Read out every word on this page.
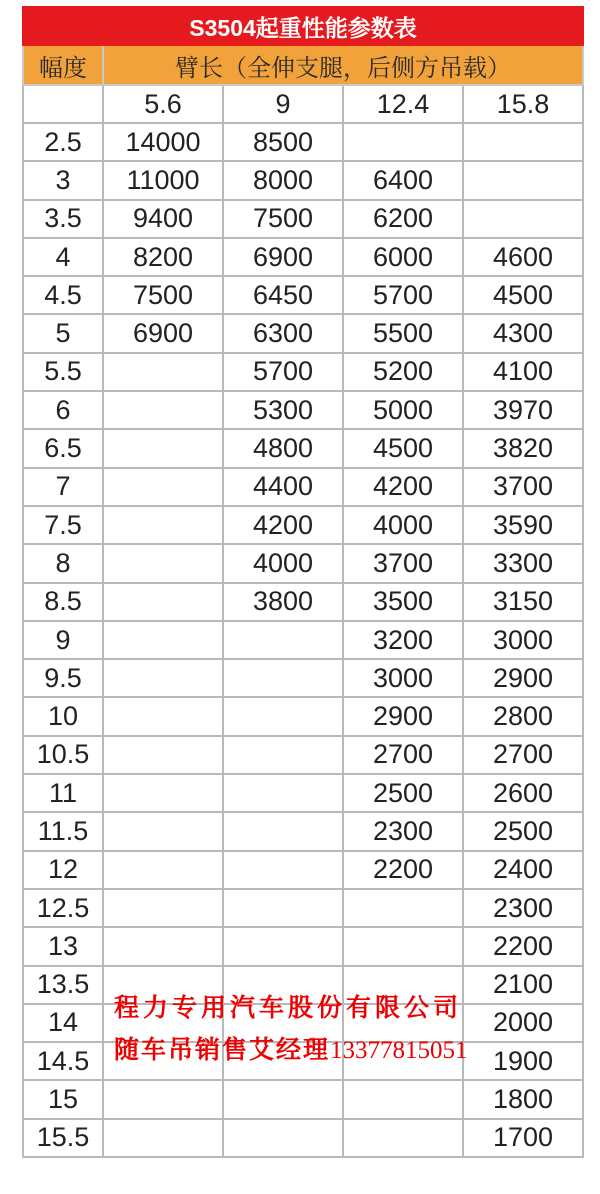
S3504起重性能参数表				
幅度	臂长（全伸支腿，后侧方吊载）			
	5.6	9	12.4	15.8
2.5	14000	8500		
3	11000	8000	6400	
3.5	9400	7500	6200	
4	8200	6900	6000	4600
4.5	7500	6450	5700	4500
5	6900	6300	5500	4300
5.5		5700	5200	4100
6		5300	5000	3970
6.5		4800	4500	3820
7		4400	4200	3700
7.5		4200	4000	3590
8		4000	3700	3300
8.5		3800	3500	3150
9			3200	3000
9.5			3000	2900
10			2900	2800
10.5			2700	2700
11			2500	2600
11.5			2300	2500
12			2200	2400
12.5				2300
13				2200
13.5				2100
14				2000
14.5				1900
15				1800
15.5				1700
程力专用汽车股份有限公司
随车吊销售艾经理13377815051
